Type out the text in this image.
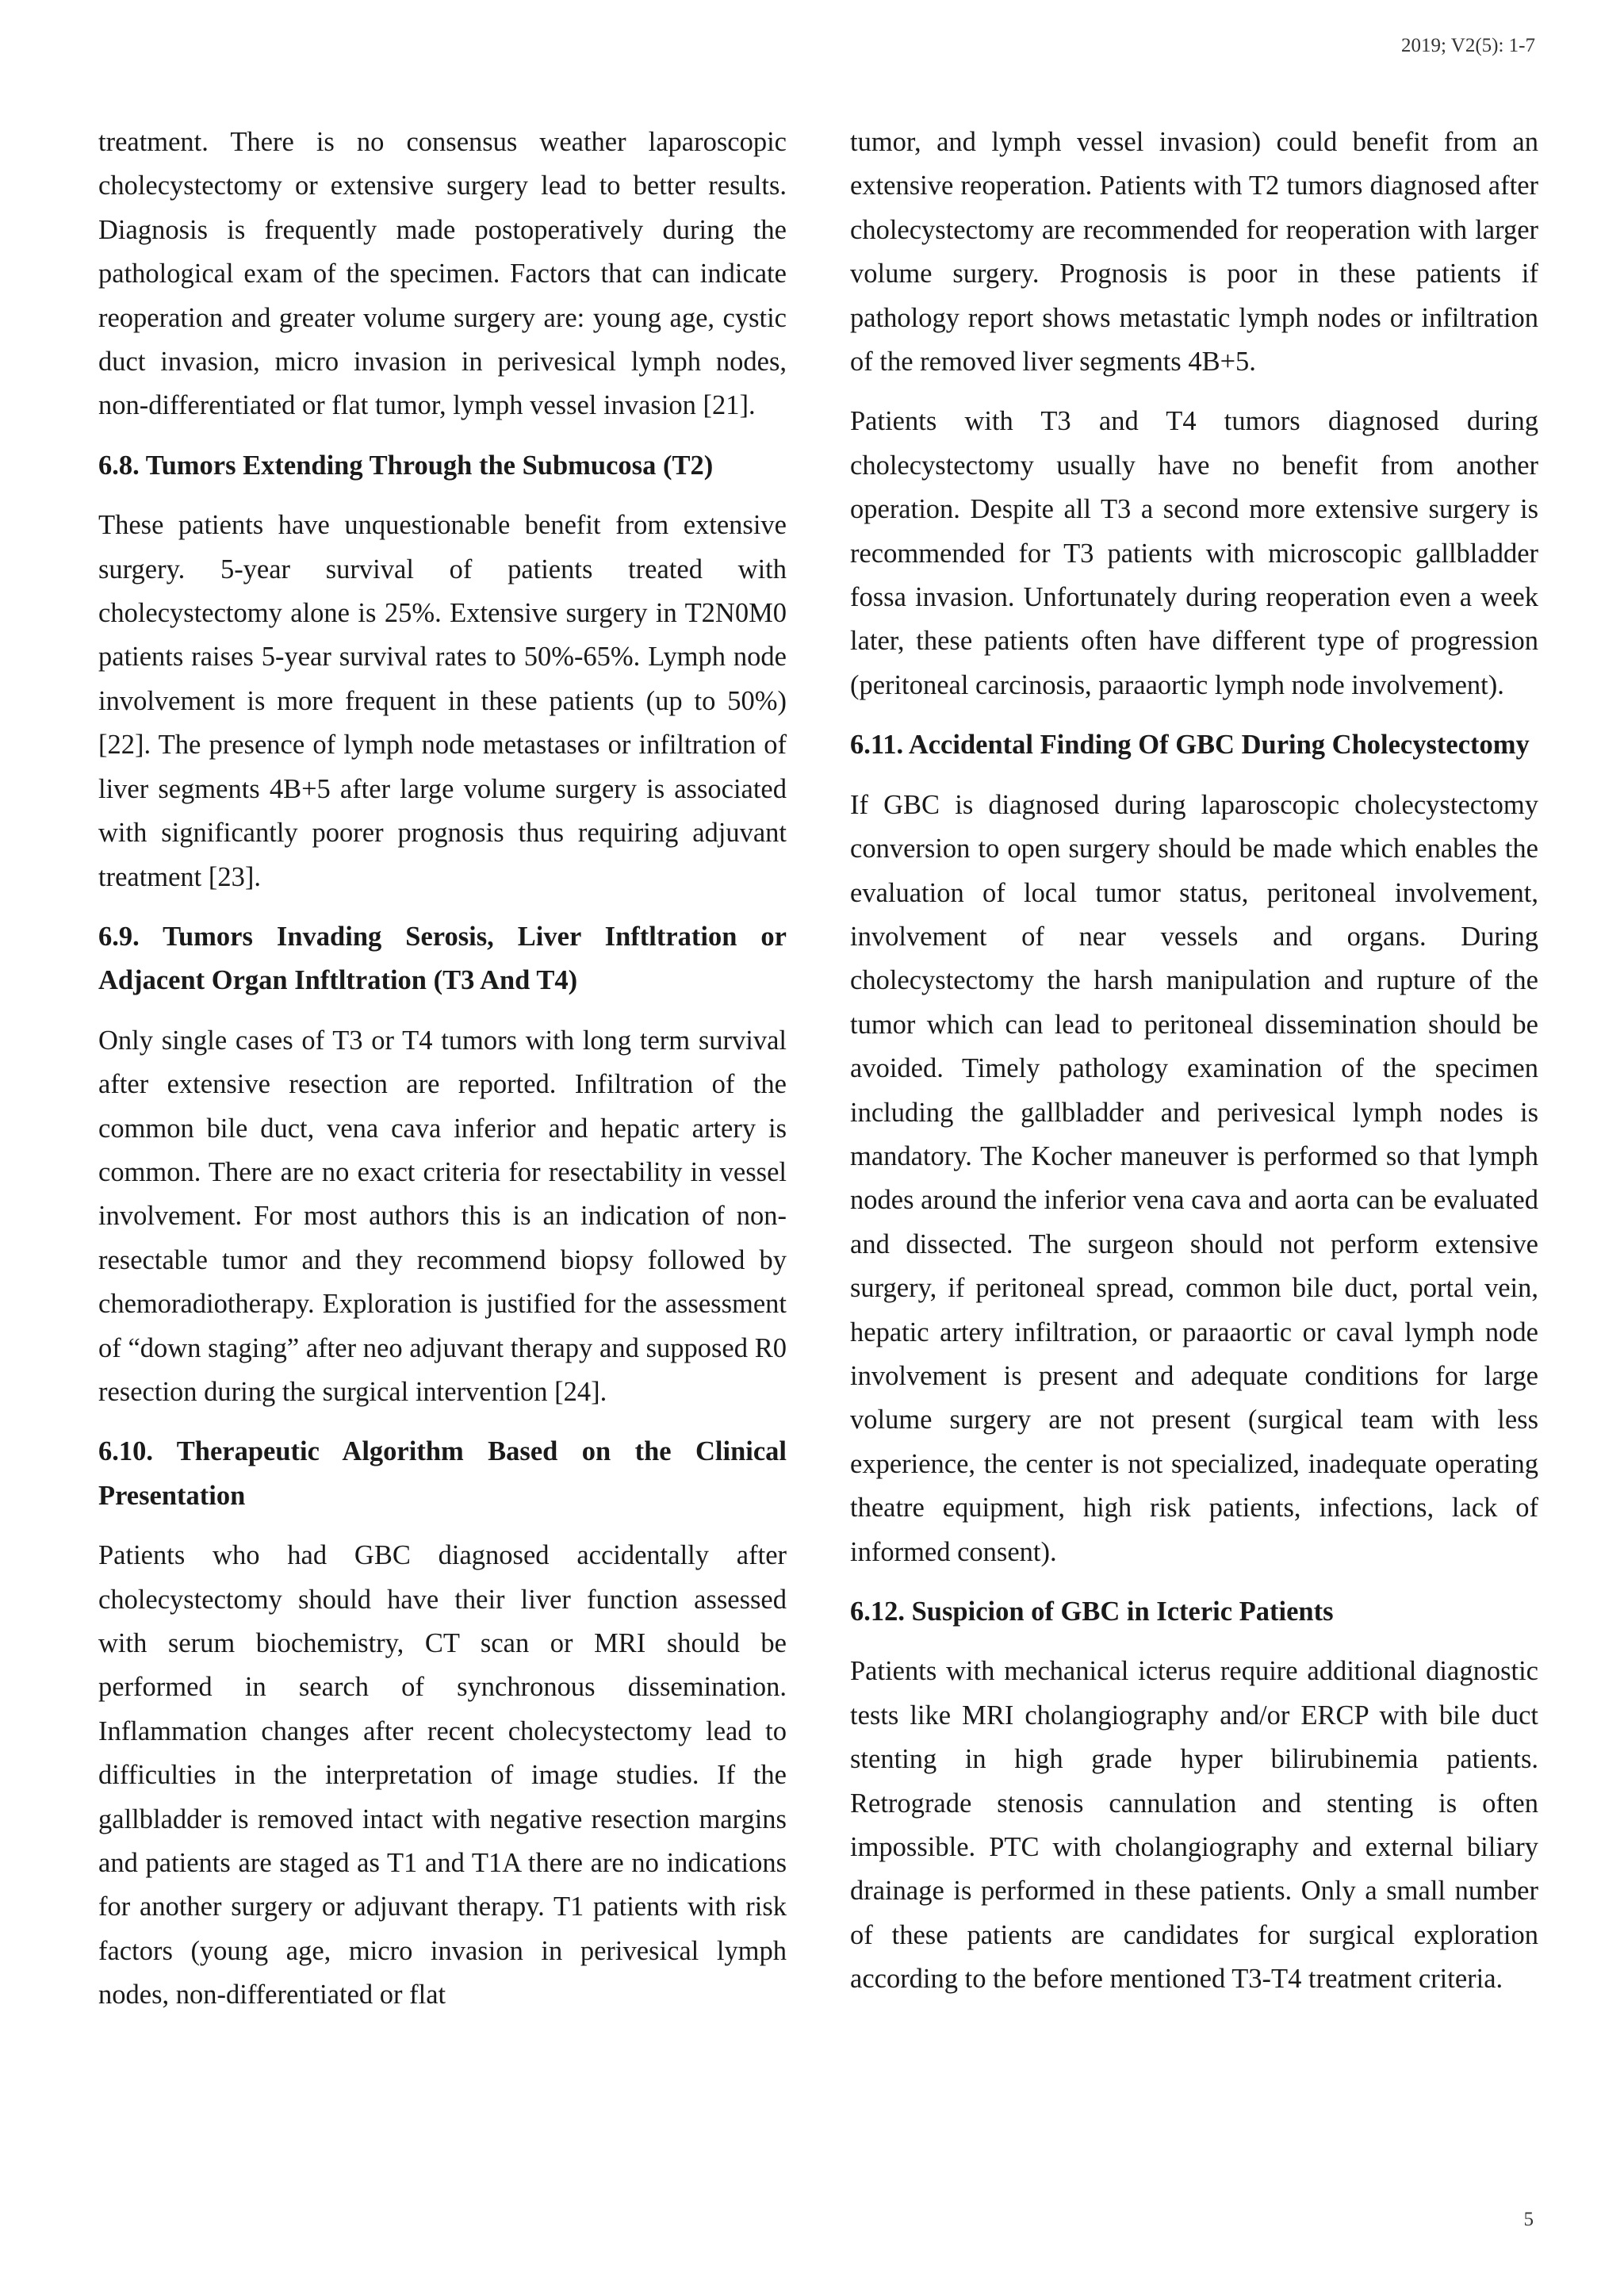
2019; V2(5): 1-7

treatment. There is no consensus weather laparoscopic cholecystectomy or extensive surgery lead to better results. Diagnosis is frequently made postoperatively during the pathological exam of the specimen. Factors that can indicate reoperation and greater volume surgery are: young age, cystic duct invasion, micro invasion in perivesical lymph nodes, non-differentiated or flat tumor, lymph vessel invasion [21].

6.8. Tumors Extending Through the Submucosa (T2)

These patients have unquestionable benefit from extensive surgery. 5-year survival of patients treated with cholecystectomy alone is 25%. Extensive surgery in T2N0M0 patients raises 5-year survival rates to 50%-65%. Lymph node involvement is more frequent in these patients (up to 50%) [22]. The presence of lymph node metastases or infiltration of liver segments 4B+5 after large volume surgery is associated with significantly poorer prognosis thus requiring adjuvant treatment [23].

6.9. Tumors Invading Serosis, Liver Inftltration or Adjacent Organ Inftltration (T3 And T4)

Only single cases of T3 or T4 tumors with long term survival after extensive resection are reported. Infiltration of the common bile duct, vena cava inferior and hepatic artery is common. There are no exact criteria for resectability in vessel involvement. For most authors this is an indication of non-resectable tumor and they recommend biopsy followed by chemoradiotherapy. Exploration is justified for the assessment of “down staging” after neo adjuvant therapy and supposed R0 resection during the surgical intervention [24].

6.10. Therapeutic Algorithm Based on the Clinical Presentation

Patients who had GBC diagnosed accidentally after cholecystectomy should have their liver function assessed with serum biochemistry, CT scan or MRI should be performed in search of synchronous dissemination. Inflammation changes after recent cholecystectomy lead to difficulties in the interpretation of image studies. If the gallbladder is removed intact with negative resection margins and patients are staged as T1 and T1A there are no indications for another surgery or adjuvant therapy. T1 patients with risk factors (young age, micro invasion in perivesical lymph nodes, non-differentiated or flat

tumor, and lymph vessel invasion) could benefit from an extensive reoperation. Patients with T2 tumors diagnosed after cholecystectomy are recommended for reoperation with larger volume surgery. Prognosis is poor in these patients if pathology report shows metastatic lymph nodes or infiltration of the removed liver segments 4B+5.

Patients with T3 and T4 tumors diagnosed during cholecystectomy usually have no benefit from another operation. Despite all T3 a second more extensive surgery is recommended for T3 patients with microscopic gallbladder fossa invasion. Unfortunately during reoperation even a week later, these patients often have different type of progression (peritoneal carcinosis, paraaortic lymph node involvement).

6.11. Accidental Finding Of GBC During Cholecystectomy

If GBC is diagnosed during laparoscopic cholecystectomy conversion to open surgery should be made which enables the evaluation of local tumor status, peritoneal involvement, involvement of near vessels and organs. During cholecystectomy the harsh manipulation and rupture of the tumor which can lead to peritoneal dissemination should be avoided. Timely pathology examination of the specimen including the gallbladder and perivesical lymph nodes is mandatory. The Kocher maneuver is performed so that lymph nodes around the inferior vena cava and aorta can be evaluated and dissected. The surgeon should not perform extensive surgery, if peritoneal spread, common bile duct, portal vein, hepatic artery infiltration, or paraaortic or caval lymph node involvement is present and adequate conditions for large volume surgery are not present (surgical team with less experience, the center is not specialized, inadequate operating theatre equipment, high risk patients, infections, lack of informed consent).

6.12. Suspicion of GBC in Icteric Patients

Patients with mechanical icterus require additional diagnostic tests like MRI cholangiography and/or ERCP with bile duct stenting in high grade hyper bilirubinemia patients. Retrograde stenosis cannulation and stenting is often impossible. PTC with cholangiography and external biliary drainage is performed in these patients. Only a small number of these patients are candidates for surgical exploration according to the before mentioned T3-T4 treatment criteria.

5
